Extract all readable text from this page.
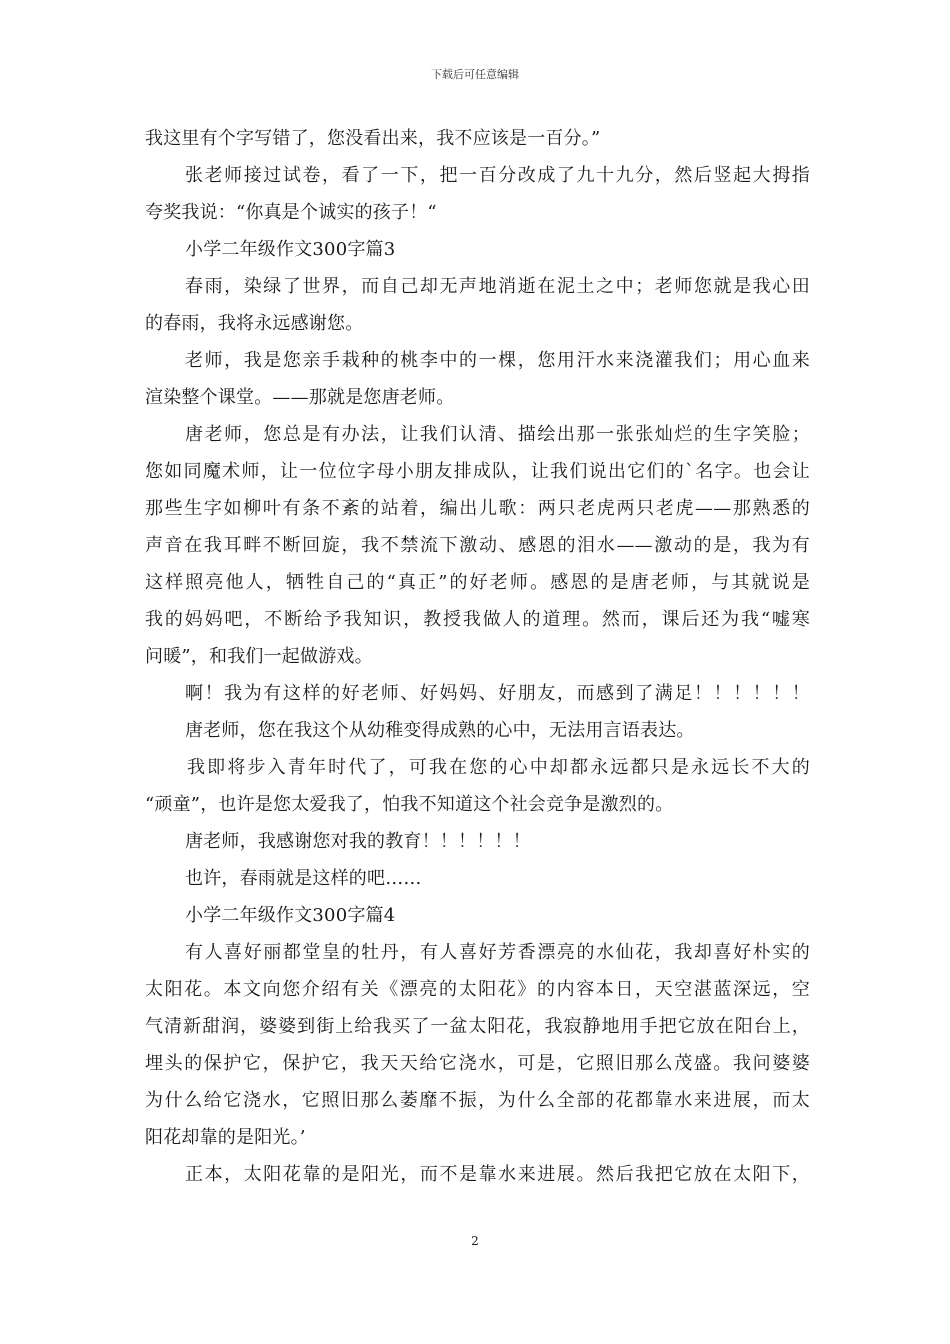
下载后可任意编辑
我这里有个字写错了，您没看出来，我不应该是一百分。”
张老师接过试卷，看了一下，把一百分改成了九十九分，然后竖起大拇指
夸奖我说：“你真是个诚实的孩子！“
小学二年级作文300字篇3
春雨，染绿了世界，而自己却无声地消逝在泥土之中；老师您就是我心田
的春雨，我将永远感谢您。
老师，我是您亲手栽种的桃李中的一棵，您用汗水来浇灌我们；用心血来
渲染整个课堂。——那就是您唐老师。
唐老师，您总是有办法，让我们认清、描绘出那一张张灿烂的生字笑脸；
您如同魔术师，让一位位字母小朋友排成队，让我们说出它们的`名字。也会让
那些生字如柳叶有条不紊的站着，编出儿歌：两只老虎两只老虎——那熟悉的
声音在我耳畔不断回旋，我不禁流下激动、感恩的泪水——激动的是，我为有
这样照亮他人，牺牲自己的“真正”的好老师。感恩的是唐老师，与其就说是
我的妈妈吧，不断给予我知识，教授我做人的道理。然而，课后还为我“嘘寒
问暖”，和我们一起做游戏。
啊！我为有这样的好老师、好妈妈、好朋友，而感到了满足！！！！！！
唐老师，您在我这个从幼稚变得成熟的心中，无法用言语表达。
我即将步入青年时代了，可我在您的心中却都永远都只是永远长不大的
“顽童”，也许是您太爱我了，怕我不知道这个社会竞争是激烈的。
唐老师，我感谢您对我的教育！！！！！！
也许，春雨就是这样的吧……
小学二年级作文300字篇4
有人喜好丽都堂皇的牡丹，有人喜好芳香漂亮的水仙花，我却喜好朴实的
太阳花。本文向您介绍有关《漂亮的太阳花》的内容本日，天空湛蓝深远，空
气清新甜润，婆婆到街上给我买了一盆太阳花，我寂静地用手把它放在阳台上，
埋头的保护它，保护它，我天天给它浇水，可是，它照旧那么茂盛。我问婆婆
为什么给它浇水，它照旧那么萎靡不振，为什么全部的花都靠水来进展，而太
阳花却靠的是阳光。’
正本，太阳花靠的是阳光，而不是靠水来进展。然后我把它放在太阳下，
2
